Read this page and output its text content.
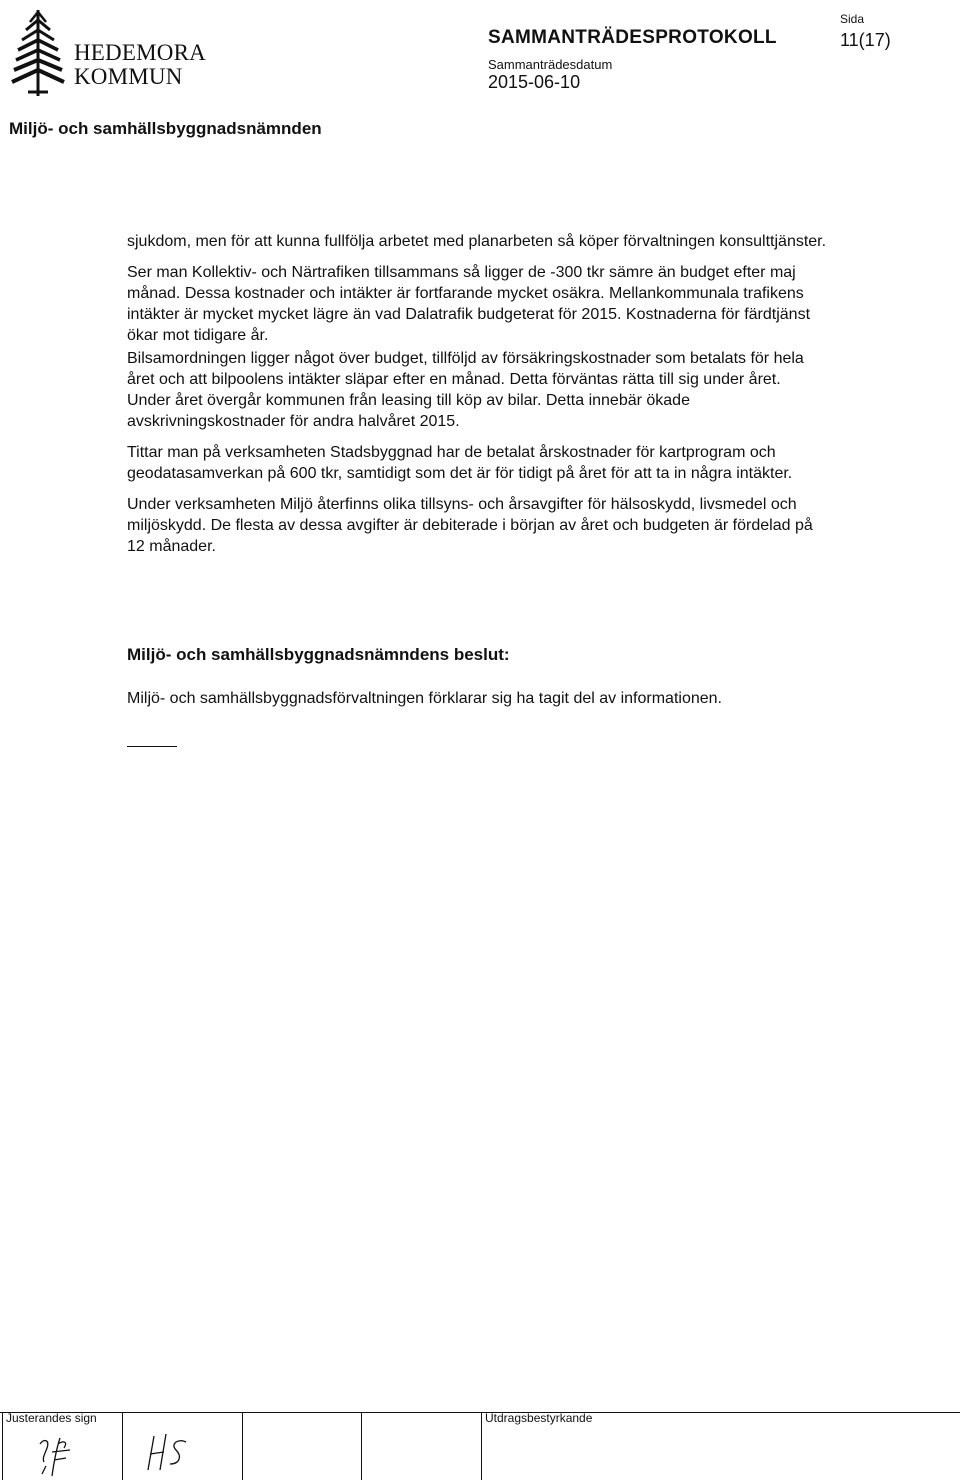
HEDEMORA
KOMMUN
SAMMANTRÄDESPROTOKOLL
Sammanträdesdatum
2015-06-10
Sida
11(17)
Miljö- och samhällsbyggnadsnämnden

sjukdom, men för att kunna fullfölja arbetet med planarbeten så köper förvaltningen konsulttjänster.

Ser man Kollektiv- och Närtrafiken tillsammans så ligger de -300 tkr sämre än budget efter maj månad. Dessa kostnader och intäkter är fortfarande mycket osäkra. Mellankommunala trafikens intäkter är mycket mycket lägre än vad Dalatrafik budgeterat för 2015. Kostnaderna för färdtjänst ökar mot tidigare år.

Bilsamordningen ligger något över budget, tillföljd av försäkringskostnader som betalats för hela året och att bilpoolens intäkter släpar efter en månad. Detta förväntas rätta till sig under året. Under året övergår kommunen från leasing till köp av bilar. Detta innebär ökade avskrivningskostnader för andra halvåret 2015.

Tittar man på verksamheten Stadsbyggnad har de betalat årskostnader för kartprogram och geodatasamverkan på 600 tkr, samtidigt som det är för tidigt på året för att ta in några intäkter.

Under verksamheten Miljö återfinns olika tillsyns- och årsavgifter för hälsoskydd, livsmedel och miljöskydd. De flesta av dessa avgifter är debiterade i början av året och budgeten är fördelad på 12 månader.

Miljö- och samhällsbyggnadsnämndens beslut:

Miljö- och samhällsbyggnadsförvaltningen förklarar sig ha tagit del av informationen.

Justerandes sign	Utdragsbestyrkande
